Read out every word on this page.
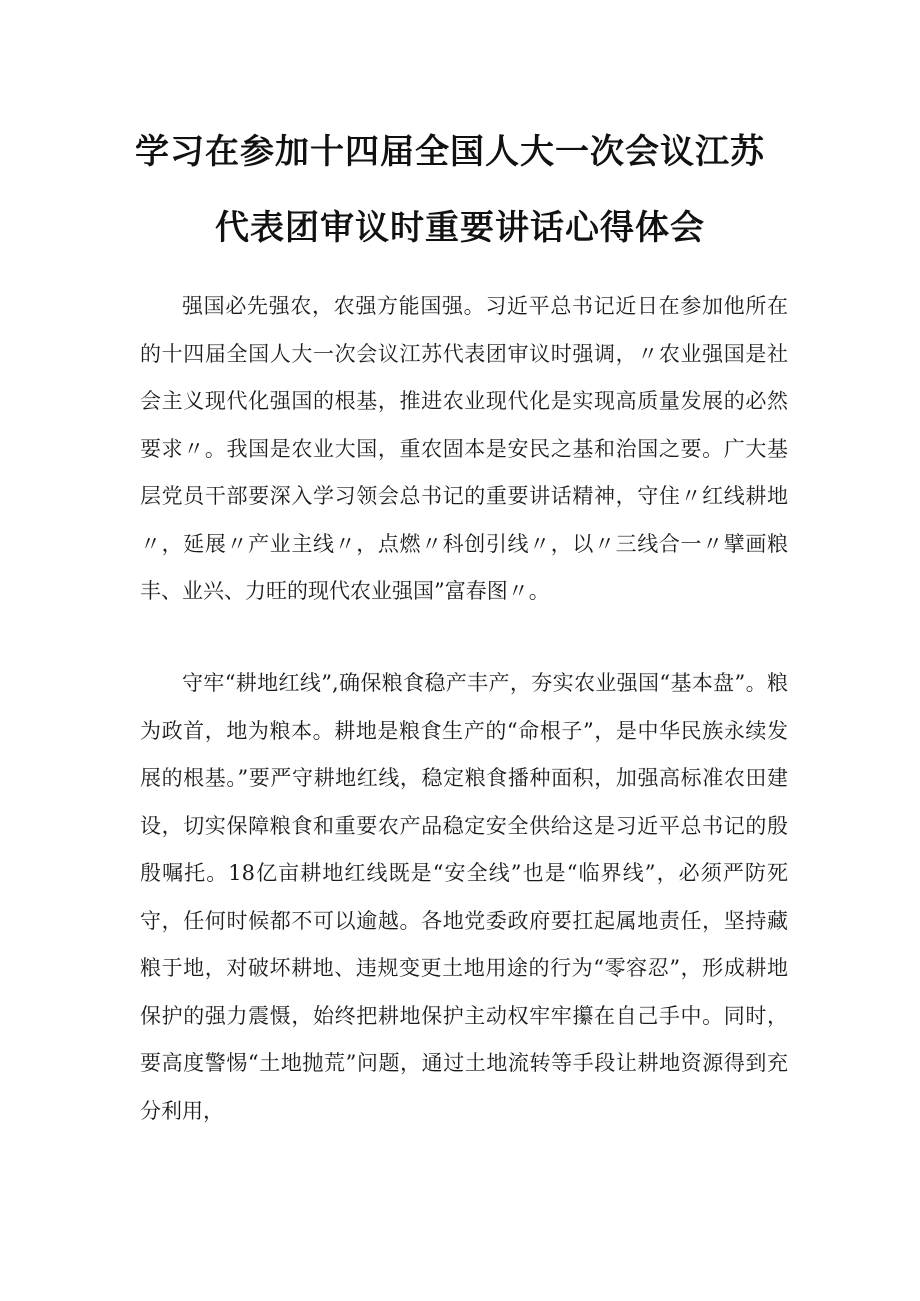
学习在参加十四届全国人大一次会议江苏
代表团审议时重要讲话心得体会

强国必先强农，农强方能国强。习近平总书记近日在参加他所在的十四届全国人大一次会议江苏代表团审议时强调，〃农业强国是社会主义现代化强国的根基，推进农业现代化是实现高质量发展的必然要求〃。我国是农业大国，重农固本是安民之基和治国之要。广大基层党员干部要深入学习领会总书记的重要讲话精神，守住〃红线耕地〃，延展〃产业主线〃，点燃〃科创引线〃，以〃三线合一〃擘画粮丰、业兴、力旺的现代农业强国”富春图〃。

守牢“耕地红线”,确保粮食稳产丰产，夯实农业强国“基本盘”。粮为政首，地为粮本。耕地是粮食生产的“命根子”，是中华民族永续发展的根基。”要严守耕地红线，稳定粮食播种面积，加强高标准农田建设，切实保障粮食和重要农产品稳定安全供给这是习近平总书记的殷殷嘱托。18亿亩耕地红线既是“安全线”也是“临界线”，必须严防死守，任何时候都不可以逾越。各地党委政府要扛起属地责任，坚持藏粮于地，对破坏耕地、违规变更土地用途的行为“零容忍”，形成耕地保护的强力震慑，始终把耕地保护主动权牢牢攥在自己手中。同时，要高度警惕“土地抛荒”问题，通过土地流转等手段让耕地资源得到充分利用，
